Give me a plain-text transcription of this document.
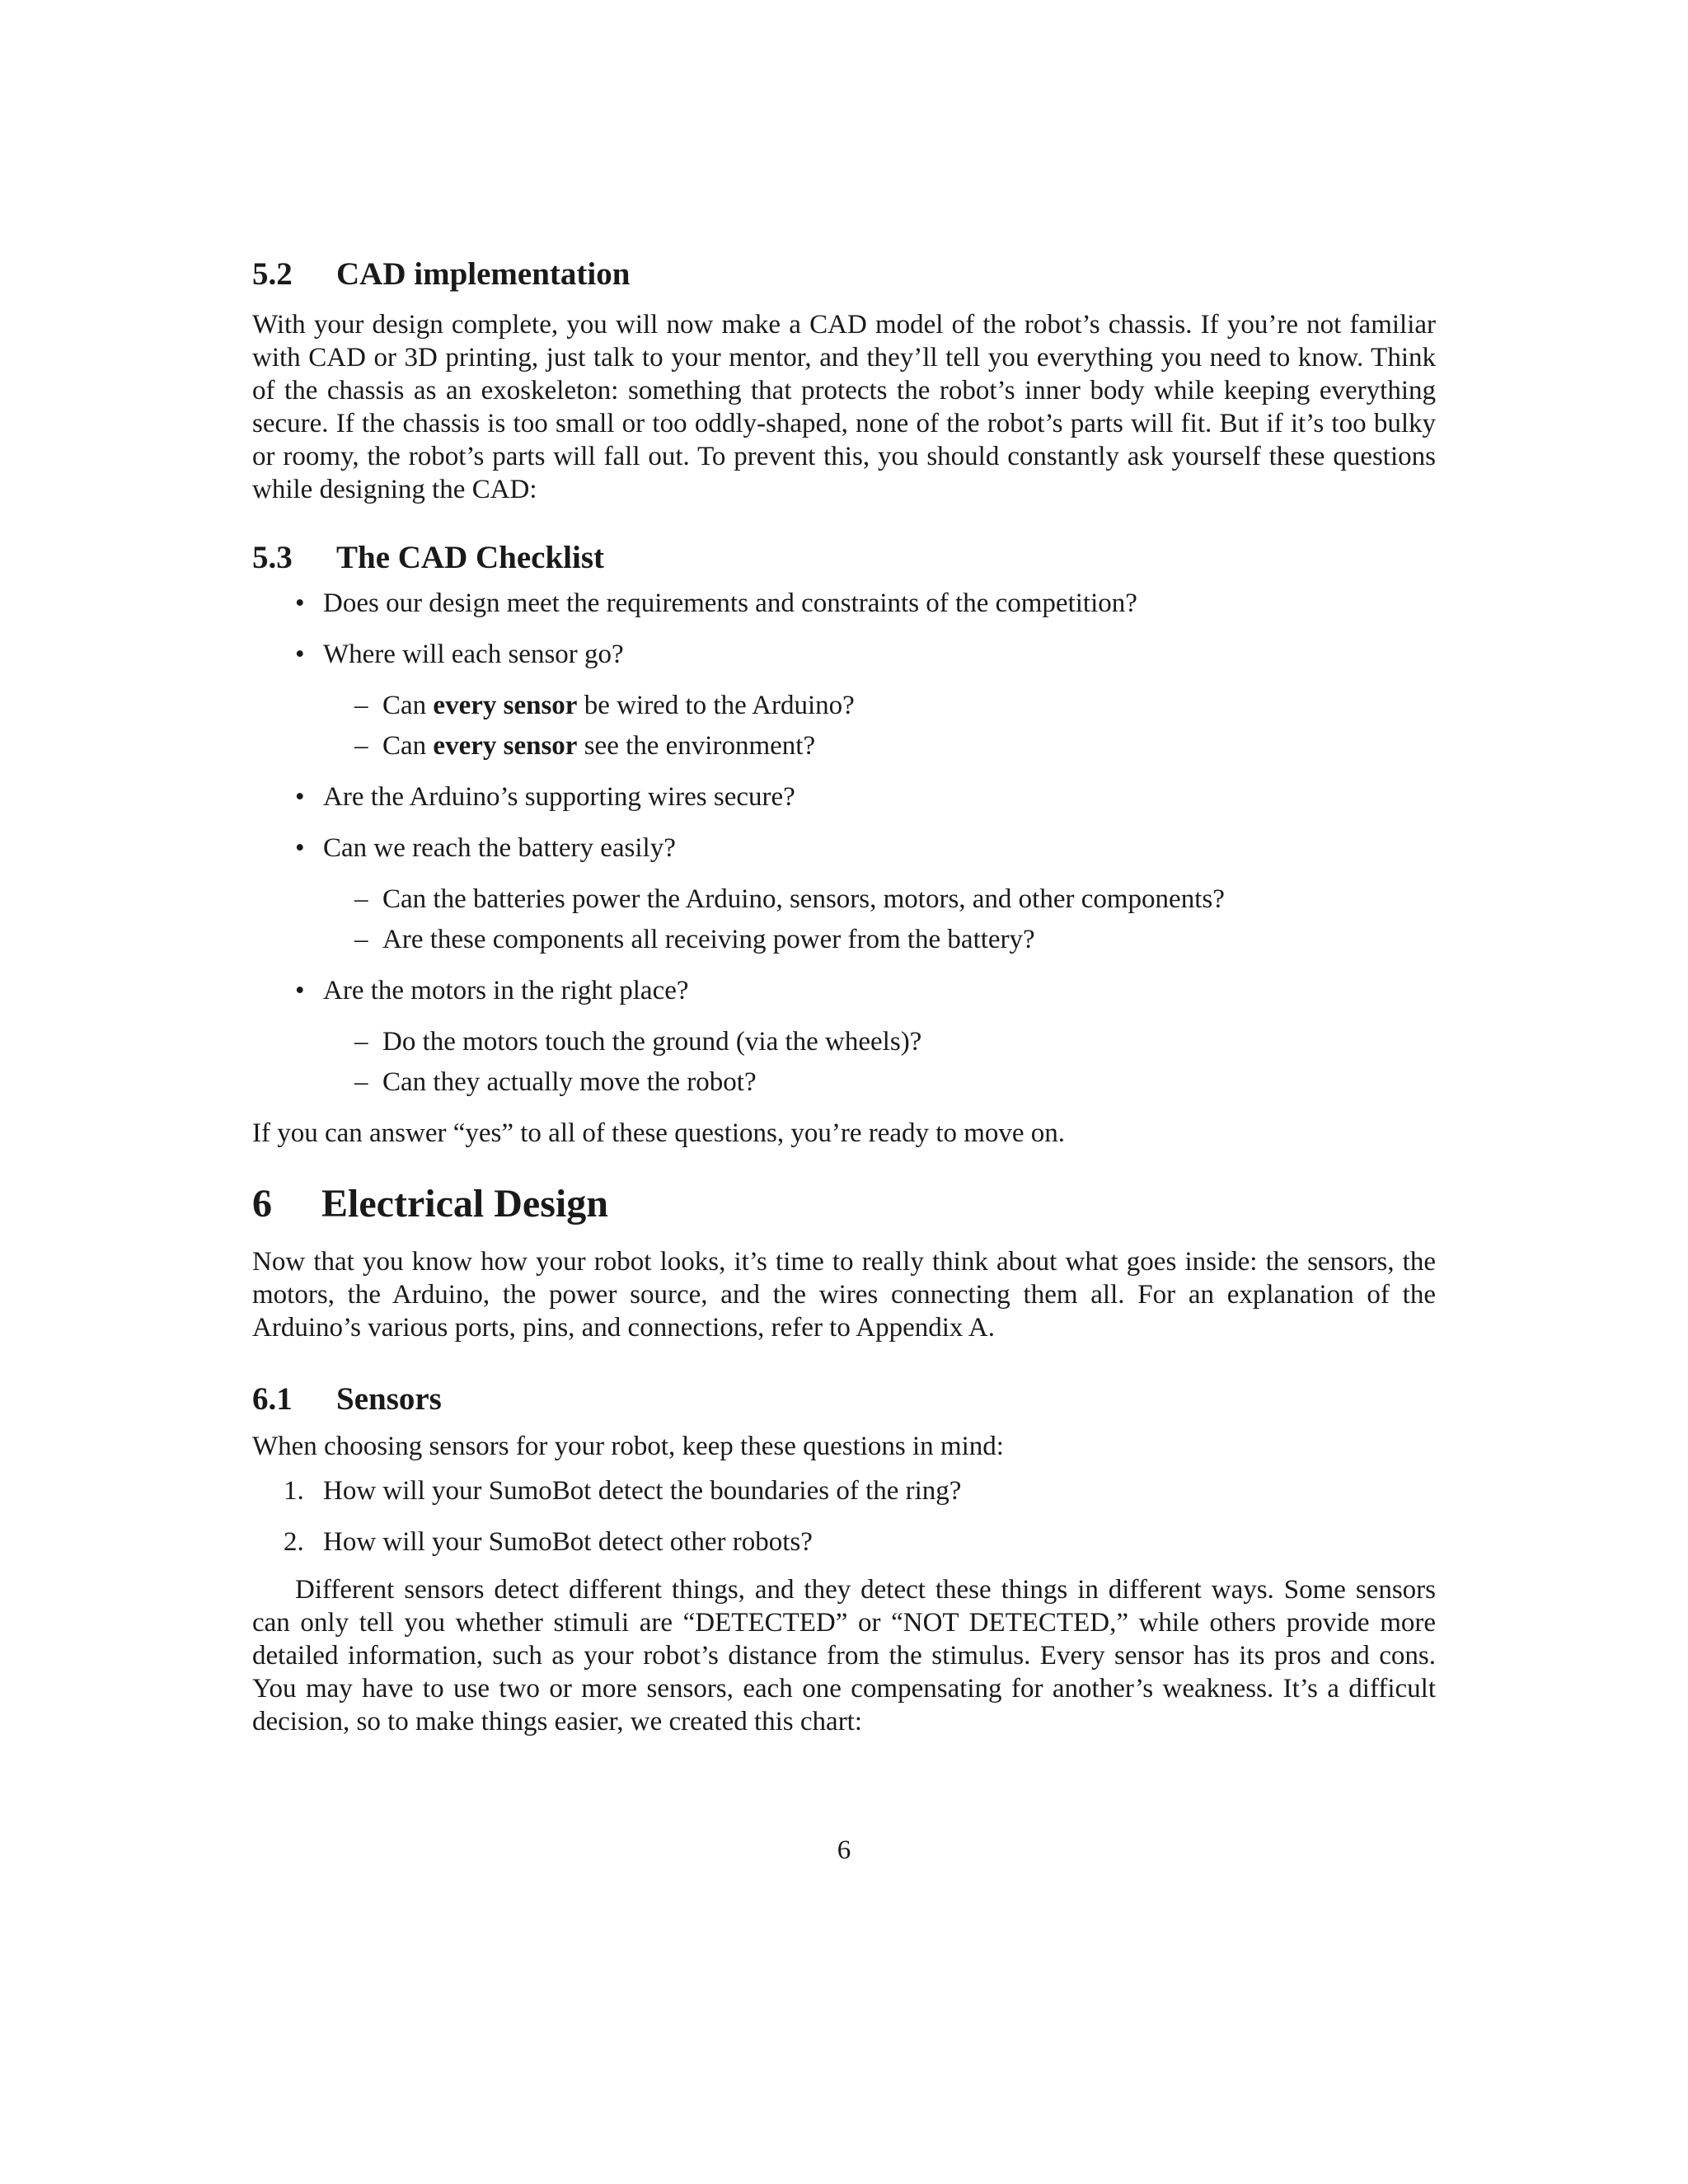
5.2 CAD implementation

With your design complete, you will now make a CAD model of the robot’s chassis. If you’re not familiar with CAD or 3D printing, just talk to your mentor, and they’ll tell you everything you need to know. Think of the chassis as an exoskeleton: something that protects the robot’s inner body while keeping everything secure. If the chassis is too small or too oddly-shaped, none of the robot’s parts will fit. But if it’s too bulky or roomy, the robot’s parts will fall out. To prevent this, you should constantly ask yourself these questions while designing the CAD:

5.3 The CAD Checklist
• Does our design meet the requirements and constraints of the competition?
• Where will each sensor go?
– Can every sensor be wired to the Arduino?
– Can every sensor see the environment?
• Are the Arduino’s supporting wires secure?
• Can we reach the battery easily?
– Can the batteries power the Arduino, sensors, motors, and other components?
– Are these components all receiving power from the battery?
• Are the motors in the right place?
– Do the motors touch the ground (via the wheels)?
– Can they actually move the robot?

If you can answer “yes” to all of these questions, you’re ready to move on.

6 Electrical Design

Now that you know how your robot looks, it’s time to really think about what goes inside: the sensors, the motors, the Arduino, the power source, and the wires connecting them all. For an explanation of the Arduino’s various ports, pins, and connections, refer to Appendix A.

6.1 Sensors

When choosing sensors for your robot, keep these questions in mind:

1. How will your SumoBot detect the boundaries of the ring?
2. How will your SumoBot detect other robots?

Different sensors detect different things, and they detect these things in different ways. Some sensors can only tell you whether stimuli are “DETECTED” or “NOT DETECTED,” while others provide more detailed information, such as your robot’s distance from the stimulus. Every sensor has its pros and cons. You may have to use two or more sensors, each one compensating for another’s weakness. It’s a difficult decision, so to make things easier, we created this chart:

6
